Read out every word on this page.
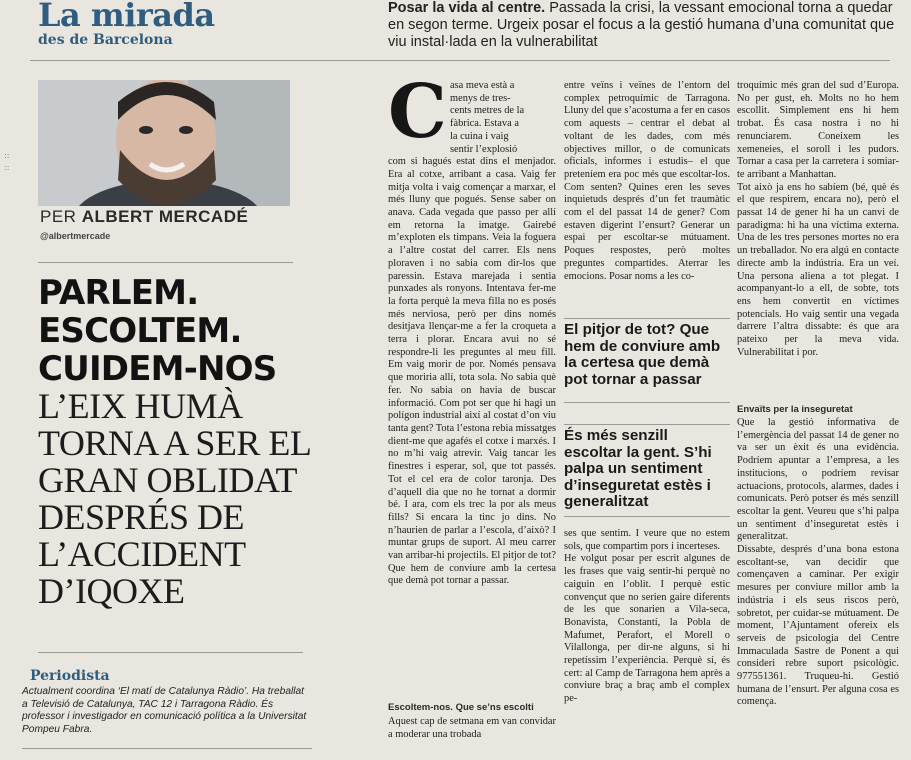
::
::
La mirada
des de Barcelona
Posar la vida al centre. Passada la crisi, la vessant emocional torna a quedar en segon terme. Urgeix posar el focus a la gestió humana d’una comunitat que viu instal·lada en la vulnerabilitat
PER ALBERT MERCADÉ
@albertmercade
PARLEM.
ESCOLTEM.
CUIDEM-NOS
L’EIX HUMÀ
TORNA A SER EL
GRAN OBLIDAT
DESPRÉS DE
L’ACCIDENT
D’IQOXE
Periodista
Actualment coordina ‘El matí de Catalunya Ràdio’. Ha treballat a Televisió de Catalunya, TAC 12 i Tarragona Ràdio. És professor i investigador en comunicació política a la Universitat Pompeu Fabra.
Casa meva està a
menys de tres-
cents metres de la
fàbrica. Estava a
la cuina i vaig
sentir l’explosió
com si hagués estat dins el menjador. Era al cotxe, arribant a casa. Vaig fer mitja volta i vaig començar a marxar, el més lluny que pogués. Sense saber on anava. Cada vegada que passo per allí em retorna la imatge. Gairebé m’exploten els timpans. Veia la foguera a l’altre costat del carrer. Els nens ploraven i no sabia com dir-los que paressin. Estava marejada i sentia punxades als ronyons. Intentava fer-me la forta perquè la meva filla no es posés més nerviosa, però per dins només desitjava llençar-me a fer la croqueta a terra i plorar. Encara avui no sé respondre-li les preguntes al meu fill. Em vaig morir de por. Només pensava que moriria allí, tota sola. No sabia què fer. No sabia on havia de buscar informació. Com pot ser que hi hagi un polígon industrial així al costat d’on viu tanta gent? Tota l’estona rebia missatges dient-me que agafés el cotxe i marxés. I no m’hi vaig atrevir. Vaig tancar les finestres i esperar, sol, que tot passés. Tot el cel era de color taronja. Des d’aquell dia que no he tornat a dormir bé. I ara, com els trec la por als meus fills? Si encara la tinc jo dins. No n’haurien de parlar a l’escola, d’això? I muntar grups de suport. Al meu carrer van arribar-hi projectils. El pitjor de tot? Que hem de conviure amb la certesa que demà pot tornar a passar.
Escoltem-nos. Que se’ns escolti
Aquest cap de setmana em van convidar a moderar una trobada
entre veïns i veïnes de l’entorn del complex petroquímic de Tarragona. Lluny del que s’acostuma a fer en casos com aquests – centrar el debat al voltant de les dades, com més objectives millor, o de comunicats oficials, informes i estudis– el que preteníem era poc més que escoltar-los. Com senten? Quines eren les seves inquietuds després d’un fet traumàtic com el del passat 14 de gener? Com estaven digerint l’ensurt? Generar un espai per escoltar-se mútuament. Poques respostes, però moltes preguntes compartides. Aterrar les emocions. Posar noms a les co-
El pitjor de tot? Que hem de conviure amb la certesa que demà pot tornar a passar
És més senzill escoltar la gent. S’hi palpa un sentiment d’inseguretat estès i generalitzat
ses que sentim. I veure que no estem sols, que compartim pors i incerteses.
He volgut posar per escrit algunes de les frases que vaig sentir-hi perquè no caiguin en l’oblit. I perquè estic convençut que no serien gaire diferents de les que sonarien a Vila-seca, Bonavista, Constantí, la Pobla de Mafumet, Perafort, el Morell o Vilallonga, per dir-ne alguns, si hi repetíssim l’experiència. Perquè sí, és cert: al Camp de Tarragona hem après a conviure braç a braç amb el complex pe-
troquímic més gran del sud d’Europa. No per gust, eh. Molts no ho hem escollit. Simplement ens hi hem trobat. És casa nostra i no hi renunciarem. Coneixem les xemeneies, el soroll i les pudors. Tornar a casa per la carretera i somiar-te arribant a Manhattan.
Tot això ja ens ho sabíem (bé, què és el que respirem, encara no), però el passat 14 de gener hi ha un canvi de paradigma: hi ha una víctima externa. Una de les tres persones mortes no era un treballador. No era algú en contacte directe amb la indústria. Era un veí. Una persona aliena a tot plegat. I acompanyant-lo a ell, de sobte, tots ens hem convertit en víctimes potencials. Ho vaig sentir una vegada darrere l’altra dissabte: és que ara pateixo per la meva vida. Vulnerabilitat i por.
Envaïts per la inseguretat
Que la gestió informativa de l’emergència del passat 14 de gener no va ser un èxit és una evidència. Podríem apuntar a l’empresa, a les institucions, o podríem revisar actuacions, protocols, alarmes, dades i comunicats. Però potser és més senzill escoltar la gent. Veureu que s’hi palpa un sentiment d’inseguretat estès i generalitzat.
Dissabte, després d’una bona estona escoltant-se, van decidir que començaven a caminar. Per exigir mesures per conviure millor amb la indústria i els seus riscos però, sobretot, per cuidar-se mútuament. De moment, l’Ajuntament ofereix els serveis de psicologia del Centre Immaculada Sastre de Ponent a qui consideri rebre suport psicològic. 977551361. Truqueu-hi. Gestió humana de l’ensurt. Per alguna cosa es comença.
